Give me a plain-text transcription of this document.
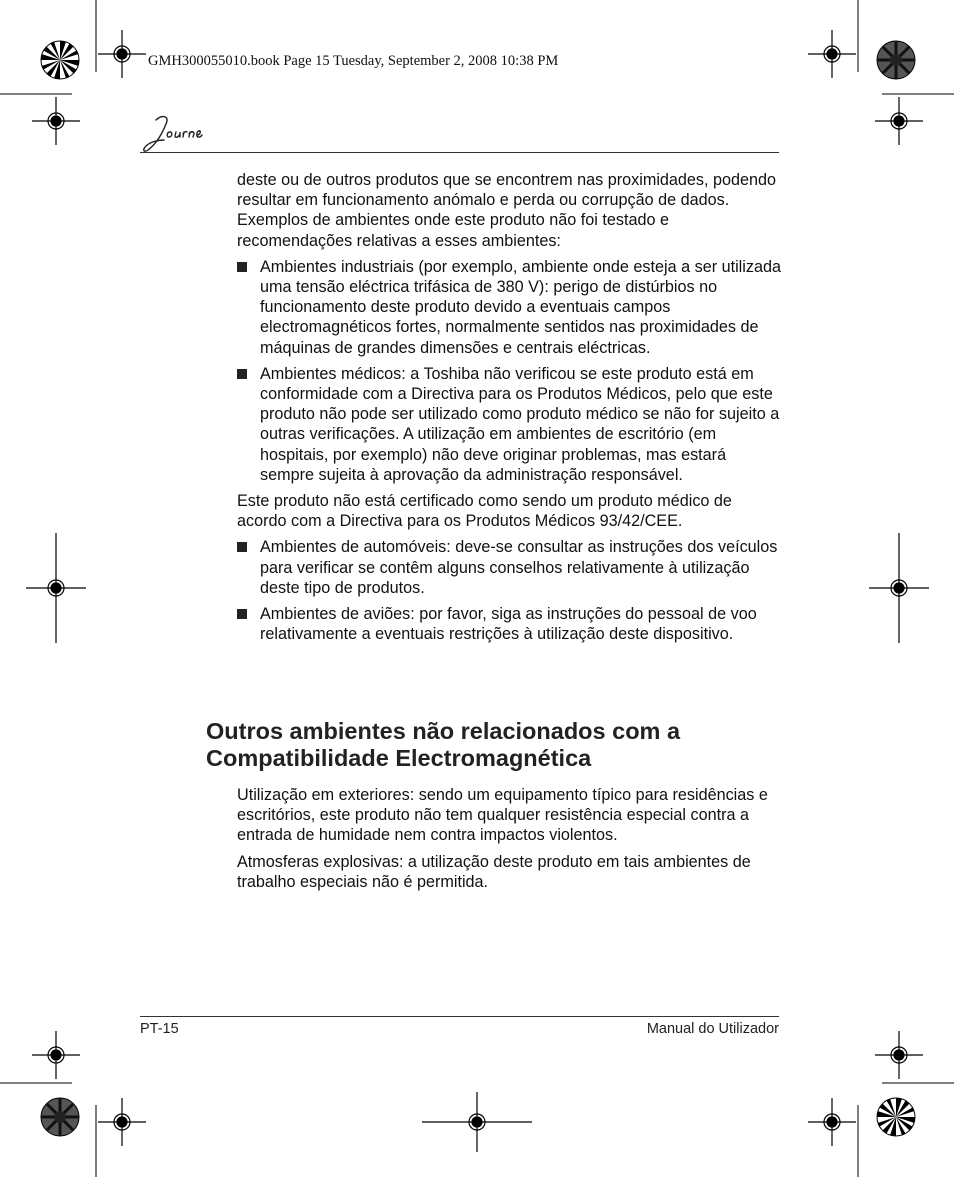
GMH300055010.book Page 15 Tuesday, September 2, 2008 10:38 PM

deste ou de outros produtos que se encontrem nas proximidades, podendo resultar em funcionamento anómalo e perda ou corrupção de dados. Exemplos de ambientes onde este produto não foi testado e recomendações relativas a esses ambientes:

Ambientes industriais (por exemplo, ambiente onde esteja a ser utilizada uma tensão eléctrica trifásica de 380 V): perigo de distúrbios no funcionamento deste produto devido a eventuais campos electromagnéticos fortes, normalmente sentidos nas proximidades de máquinas de grandes dimensões e centrais eléctricas.
Ambientes médicos: a Toshiba não verificou se este produto está em conformidade com a Directiva para os Produtos Médicos, pelo que este produto não pode ser utilizado como produto médico se não for sujeito a outras verificações. A utilização em ambientes de escritório (em hospitais, por exemplo) não deve originar problemas, mas estará sempre sujeita à aprovação da administração responsável.

Este produto não está certificado como sendo um produto médico de acordo com a Directiva para os Produtos Médicos 93/42/CEE.

Ambientes de automóveis: deve-se consultar as instruções dos veículos para verificar se contêm alguns conselhos relativamente à utilização deste tipo de produtos.
Ambientes de aviões: por favor, siga as instruções do pessoal de voo relativamente a eventuais restrições à utilização deste dispositivo.
Outros ambientes não relacionados com a Compatibilidade Electromagnética

Utilização em exteriores: sendo um equipamento típico para residências e escritórios, este produto não tem qualquer resistência especial contra a entrada de humidade nem contra impactos violentos.

Atmosferas explosivas: a utilização deste produto em tais ambientes de trabalho especiais não é permitida.

PT-15	Manual do Utilizador
